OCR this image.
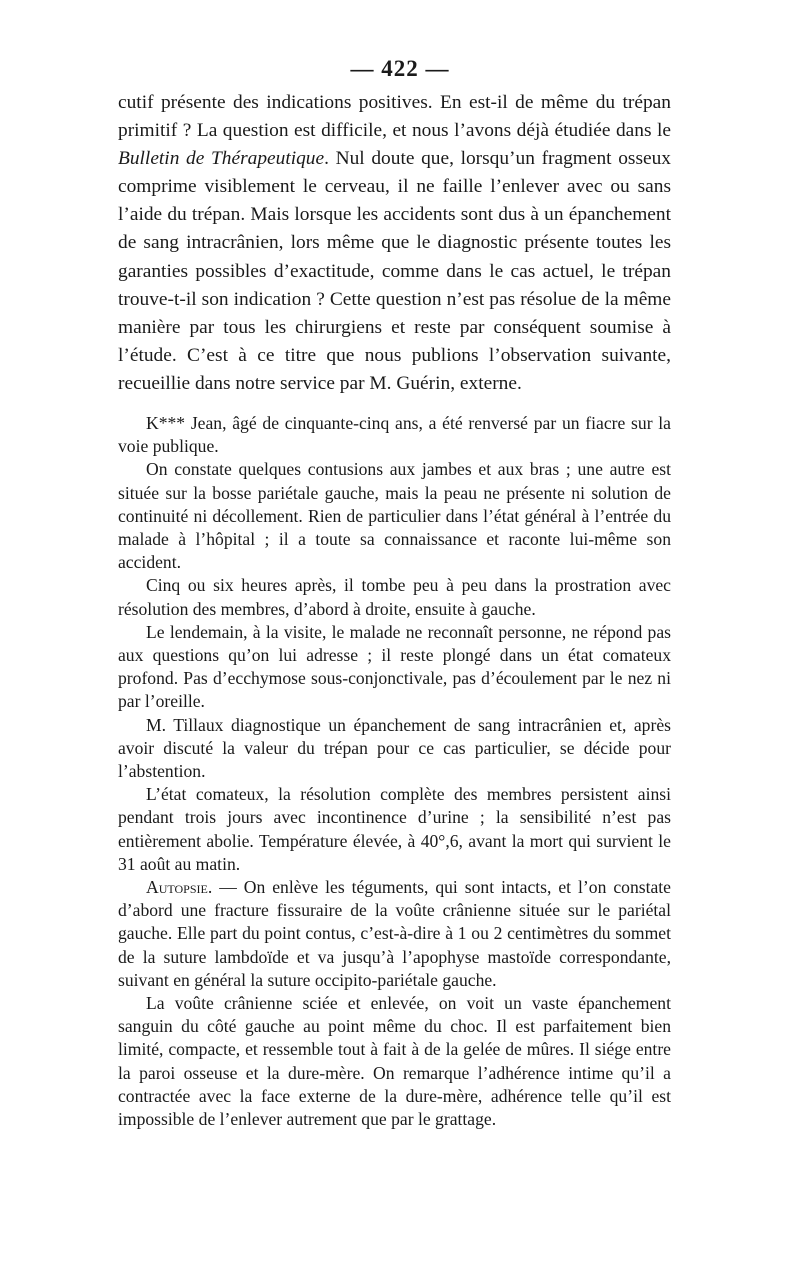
— 422 —

cutif présente des indications positives. En est-il de même du trépan primitif ? La question est difficile, et nous l’avons déjà étudiée dans le Bulletin de Thérapeutique. Nul doute que, lorsqu’un fragment osseux comprime visiblement le cerveau, il ne faille l’enlever avec ou sans l’aide du trépan. Mais lorsque les accidents sont dus à un épanchement de sang intracrânien, lors même que le diagnostic présente toutes les garanties possibles d’exactitude, comme dans le cas actuel, le trépan trouve-t-il son indication ? Cette question n’est pas résolue de la même manière par tous les chirurgiens et reste par conséquent soumise à l’étude. C’est à ce titre que nous publions l’observation suivante, recueillie dans notre service par M. Guérin, externe.

K*** Jean, âgé de cinquante-cinq ans, a été renversé par un fiacre sur la voie publique.

On constate quelques contusions aux jambes et aux bras ; une autre est située sur la bosse pariétale gauche, mais la peau ne présente ni solution de continuité ni décollement. Rien de particulier dans l’état général à l’entrée du malade à l’hôpital ; il a toute sa connaissance et raconte lui-même son accident.

Cinq ou six heures après, il tombe peu à peu dans la prostration avec résolution des membres, d’abord à droite, ensuite à gauche.

Le lendemain, à la visite, le malade ne reconnaît personne, ne répond pas aux questions qu’on lui adresse ; il reste plongé dans un état comateux profond. Pas d’ecchymose sous-conjonctivale, pas d’écoulement par le nez ni par l’oreille.

M. Tillaux diagnostique un épanchement de sang intracrânien et, après avoir discuté la valeur du trépan pour ce cas particulier, se décide pour l’abstention.

L’état comateux, la résolution complète des membres persistent ainsi pendant trois jours avec incontinence d’urine ; la sensibilité n’est pas entièrement abolie. Température élevée, à 40°,6, avant la mort qui survient le 31 août au matin.

Autopsie. — On enlève les téguments, qui sont intacts, et l’on constate d’abord une fracture fissuraire de la voûte crânienne située sur le pariétal gauche. Elle part du point contus, c’est-à-dire à 1 ou 2 centimètres du sommet de la suture lambdoïde et va jusqu’à l’apophyse mastoïde correspondante, suivant en général la suture occipito-pariétale gauche.

La voûte crânienne sciée et enlevée, on voit un vaste épanchement sanguin du côté gauche au point même du choc. Il est parfaitement bien limité, compacte, et ressemble tout à fait à de la gelée de mûres. Il siége entre la paroi osseuse et la dure-mère. On remarque l’adhérence intime qu’il a contractée avec la face externe de la dure-mère, adhérence telle qu’il est impossible de l’enlever autrement que par le grattage.
